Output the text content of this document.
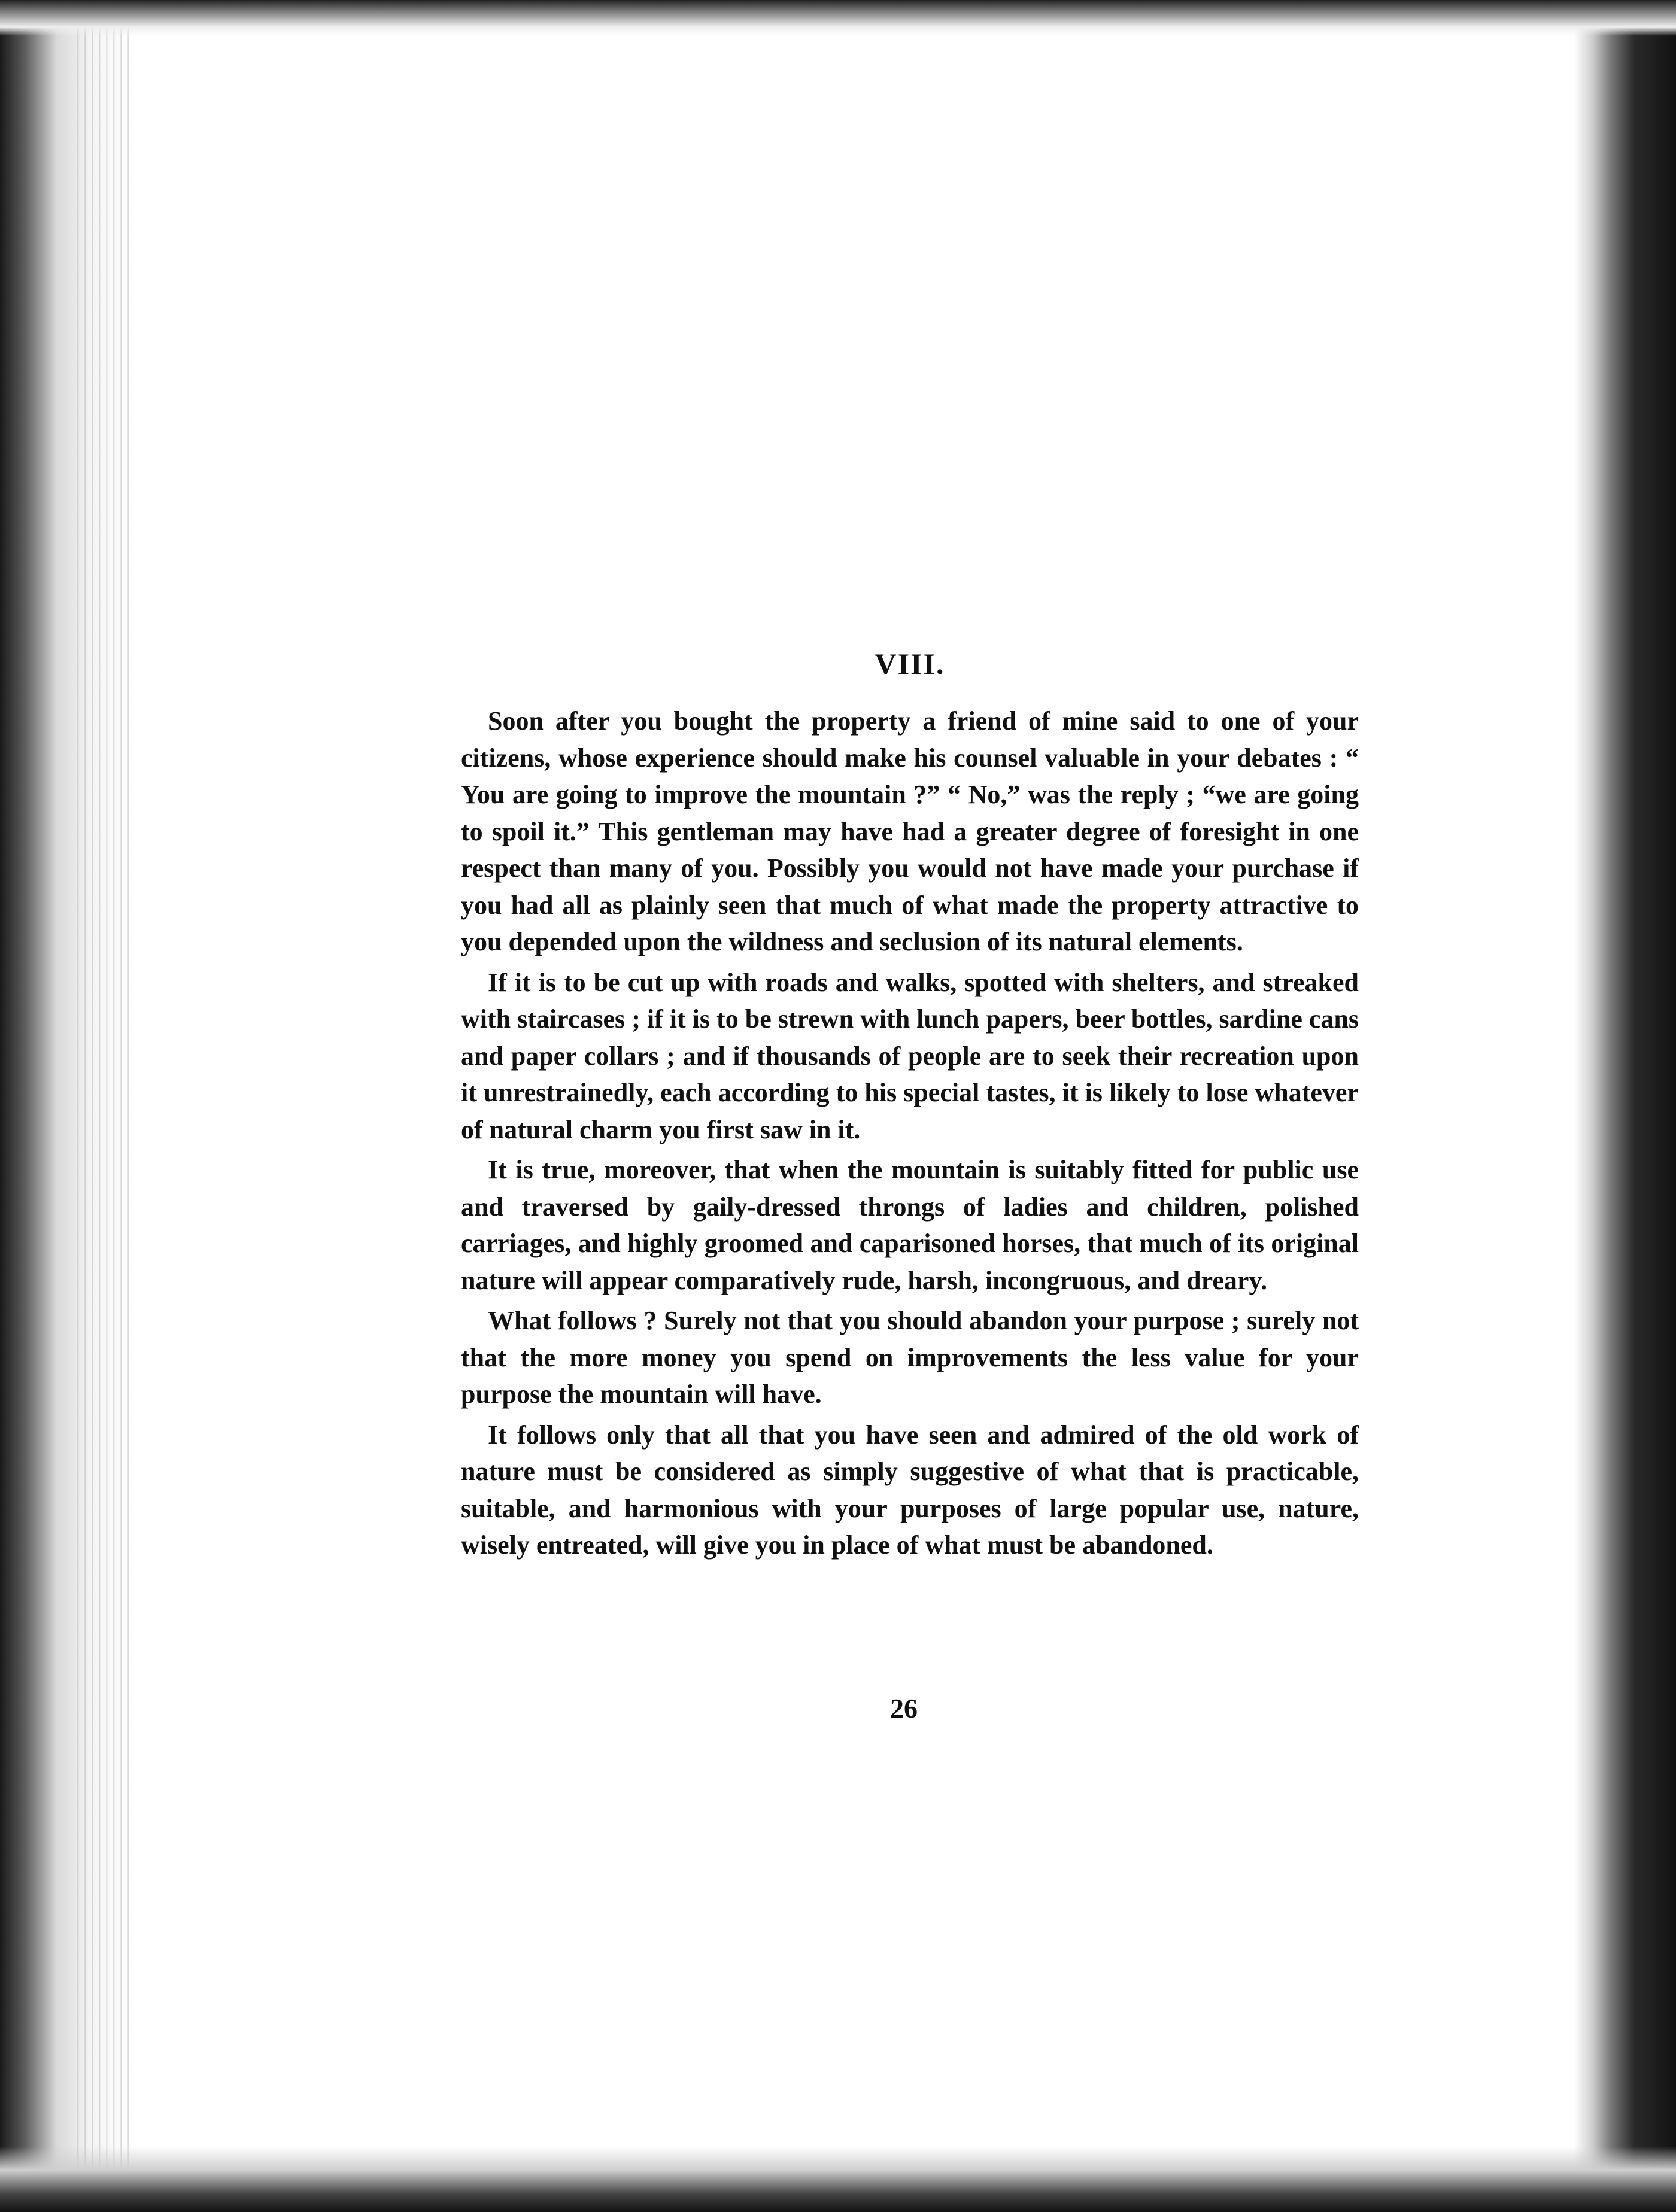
VIII.

Soon after you bought the property a friend of mine said to one of your citizens, whose experience should make his counsel valuable in your debates : “ You are going to improve the mountain ?” “ No,” was the reply ; “we are going to spoil it.” This gentleman may have had a greater degree of foresight in one respect than many of you. Possibly you would not have made your purchase if you had all as plainly seen that much of what made the property attractive to you depended upon the wildness and seclusion of its natural elements.

If it is to be cut up with roads and walks, spotted with shelters, and streaked with staircases ; if it is to be strewn with lunch papers, beer bottles, sardine cans and paper collars ; and if thousands of people are to seek their recreation upon it unrestrainedly, each according to his special tastes, it is likely to lose whatever of natural charm you first saw in it.

It is true, moreover, that when the mountain is suitably fitted for public use and traversed by gaily-dressed throngs of ladies and children, polished carriages, and highly groomed and caparisoned horses, that much of its original nature will appear comparatively rude, harsh, incongruous, and dreary.

What follows ? Surely not that you should abandon your purpose ; surely not that the more money you spend on improvements the less value for your purpose the mountain will have.

It follows only that all that you have seen and admired of the old work of nature must be considered as simply suggestive of what that is practicable, suitable, and harmonious with your purposes of large popular use, nature, wisely entreated, will give you in place of what must be abandoned.

26
